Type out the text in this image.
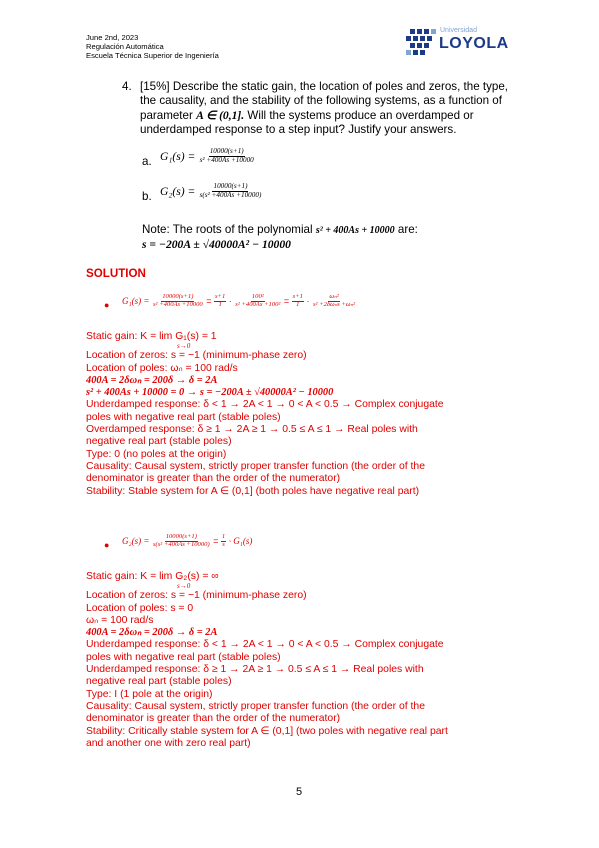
June 2nd, 2023
Regulación Automática
Escuela Técnica Superior de Ingeniería
Universidad
LOYOLA
4. [15%] Describe the static gain, the location of poles and zeros, the type,
the causality, and the stability of the following systems, as a function of
parameter A ∈ (0,1]. Will the systems produce an overdamped or
underdamped response to a step input? Justify your answers.
a. G₁(s) =
$\frac{10000(s+1)}{\text{s² +400As +10000}}$
b. G₂(s) =
$\frac{10000(s+1)}{\text{s(s² +400As +10000)}}$
Note: The roots of the polynomial s² + 400As + 10000 are:
s = −200A ± √40000A² − 10000
SOLUTION
● G₁(s) =
$\frac{10000(s+1)}{\text{s² +400As +10000}} = \frac{s+1}{1} \cdot \frac{\text{100²}}{\text{s² +400As +100²}} = \frac{s+1}{1} \cdot \frac{\text{ωₙ²}}{\text{s² +2δωₙs +ωₙ²}}$
Static gain: K = lim G₁(s) = 1
s→0
Location of zeros: s = −1 (minimum-phase zero)
Location of poles: ωₙ = 100 rad/s
400A = 2δωₙ = 200δ → δ = 2A
s² + 400As + 10000 = 0 → s = −200A ± √40000A² − 10000
Underdamped response: δ < 1 → 2A < 1 → 0 < A < 0.5 → Complex conjugate
poles with negative real part (stable poles)
Overdamped response: δ ≥ 1 → 2A ≥ 1 → 0.5 ≤ A ≤ 1 → Real poles with
negative real part (stable poles)
Type: 0 (no poles at the origin)
Causality: Causal system, strictly proper transfer function (the order of the
denominator is greater than the order of the numerator)
Stability: Stable system for A ∈ (0,1] (both poles have negative real part)
● G₂(s) =
$\frac{10000(s+1)}{\text{s(s² +400As +10000)}} = \frac{1}{s}$
· G₁(s)
Static gain: K = lim G₂(s) = ∞
s→0
Location of zeros: s = −1 (minimum-phase zero)
Location of poles: s = 0
ωₙ = 100 rad/s
400A = 2δωₙ = 200δ → δ = 2A
Underdamped response: δ < 1 → 2A < 1 → 0 < A < 0.5 → Complex conjugate
poles with negative real part (stable poles)
Underdamped response: δ ≥ 1 → 2A ≥ 1 → 0.5 ≤ A ≤ 1 → Real poles with
negative real part (stable poles)
Type: I (1 pole at the origin)
Causality: Causal system, strictly proper transfer function (the order of the
denominator is greater than the order of the numerator)
Stability: Critically stable system for A ∈ (0,1] (two poles with negative real part
and another one with zero real part)
5
